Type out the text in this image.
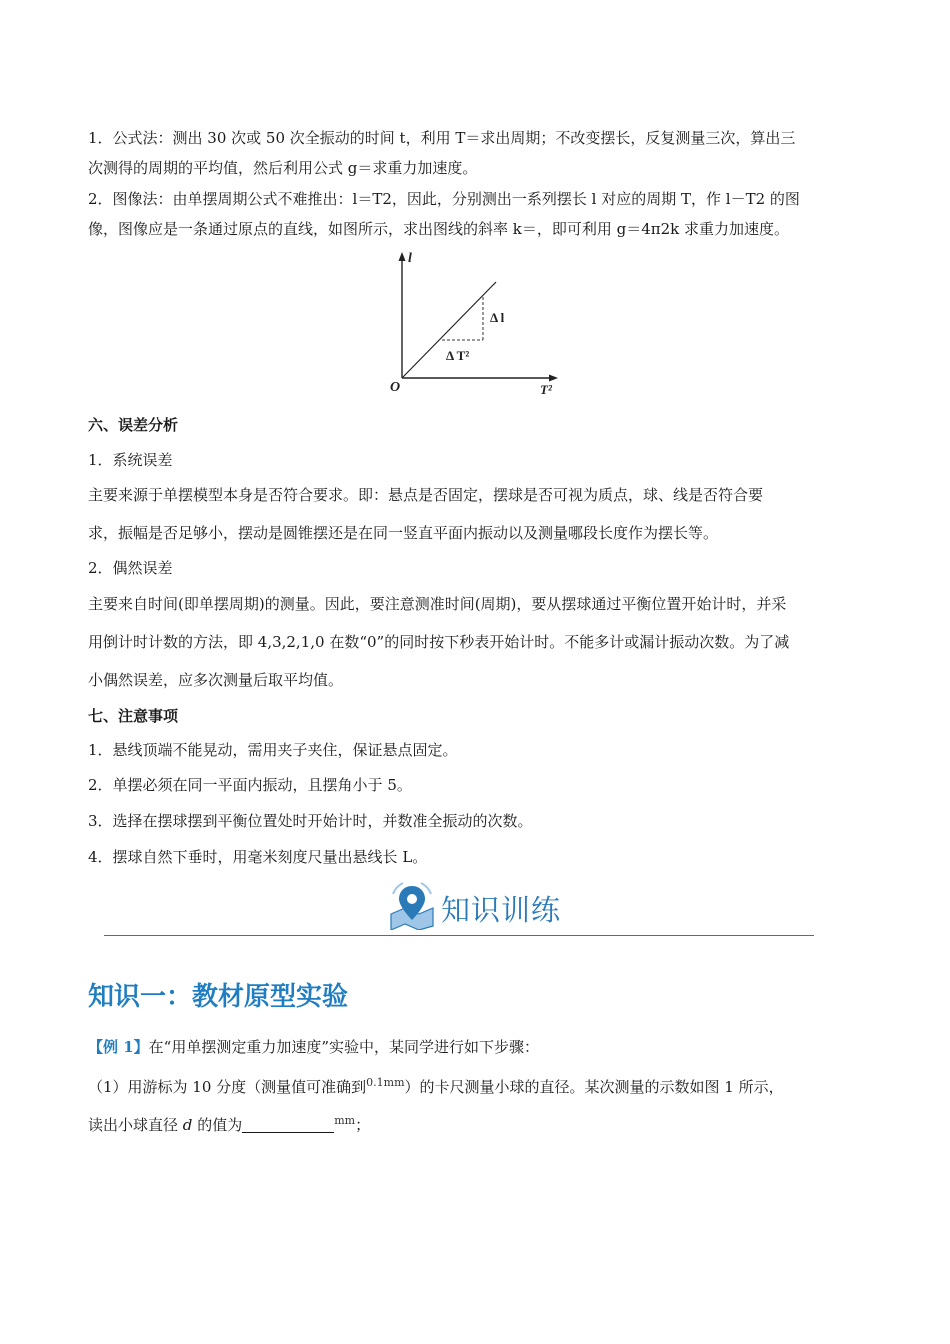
1．公式法：测出 30 次或 50 次全振动的时间 t，利用 T＝求出周期；不改变摆长，反复测量三次，算出三
次测得的周期的平均值，然后利用公式 g＝求重力加速度。
2．图像法：由单摆周期公式不难推出：l＝T2，因此，分别测出一系列摆长 l 对应的周期 T，作 l－T2 的图
像，图像应是一条通过原点的直线，如图所示，求出图线的斜率 k＝，即可利用 g＝4π2k 求重力加速度。
l
T²
O
Δ l
Δ T²
六、误差分析
1．系统误差
主要来源于单摆模型本身是否符合要求。即：悬点是否固定，摆球是否可视为质点，球、线是否符合要
求，振幅是否足够小，摆动是圆锥摆还是在同一竖直平面内振动以及测量哪段长度作为摆长等。
2．偶然误差
主要来自时间(即单摆周期)的测量。因此，要注意测准时间(周期)，要从摆球通过平衡位置开始计时，并采
用倒计时计数的方法，即 4,3,2,1,0 在数“0”的同时按下秒表开始计时。不能多计或漏计振动次数。为了减
小偶然误差，应多次测量后取平均值。
七、注意事项
1．悬线顶端不能晃动，需用夹子夹住，保证悬点固定。
2．单摆必须在同一平面内振动，且摆角小于 5。
3．选择在摆球摆到平衡位置处时开始计时，并数准全振动的次数。
4．摆球自然下垂时，用毫米刻度尺量出悬线长 L。
知识训练
知识一：教材原型实验
【例 1】在“用单摆测定重力加速度”实验中，某同学进行如下步骤：
（1）用游标为 10 分度（测量值可准确到$^{0.1mm}$）的卡尺测量小球的直径。某次测量的示数如图 1 所示，
读出小球直径 d 的值为	$^{mm}$；
